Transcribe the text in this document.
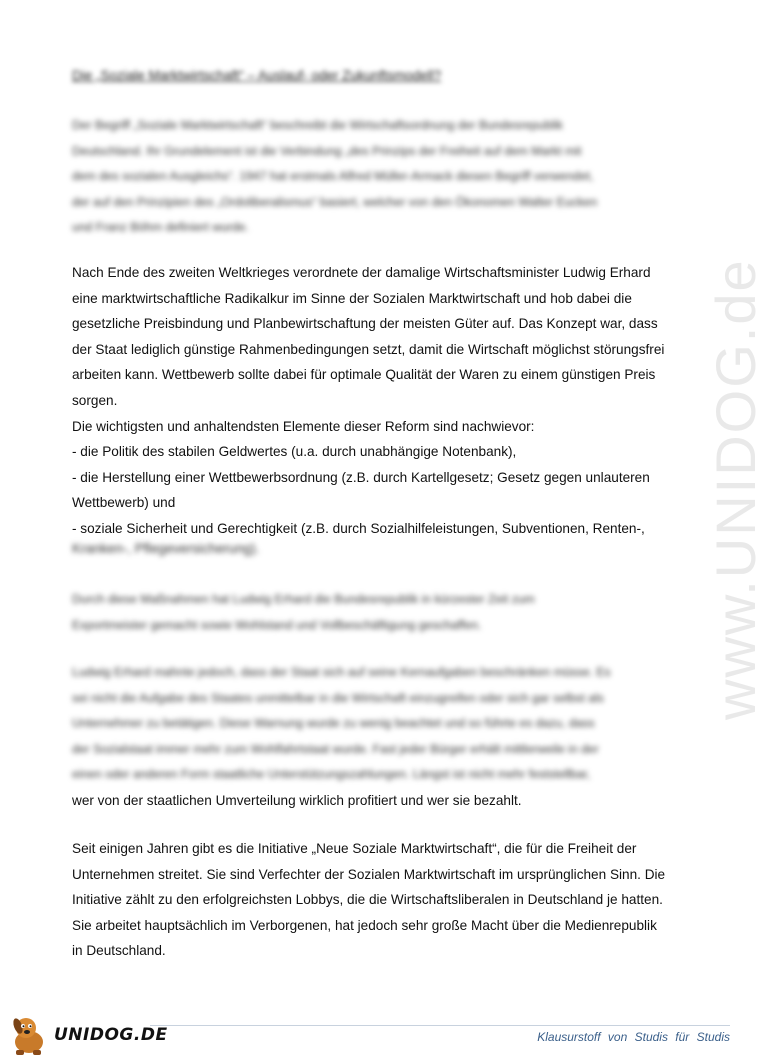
www.UNIDOG.de
Die „Soziale Marktwirtschaft“ – Auslauf- oder Zukunftsmodell?
Der Begriff „Soziale Marktwirtschaft“ beschreibt die Wirtschaftsordnung der Bundesrepublik
Deutschland. Ihr Grundelement ist die Verbindung „des Prinzips der Freiheit auf dem Markt mit
dem des sozialen Ausgleichs“. 1947 hat erstmals Alfred Müller-Armack diesen Begriff verwendet,
der auf den Prinzipien des „Ordoliberalismus“ basiert, welcher von den Ökonomen Walter Eucken
und Franz Böhm definiert wurde.
Nach Ende des zweiten Weltkrieges verordnete der damalige Wirtschaftsminister Ludwig Erhard
eine marktwirtschaftliche Radikalkur im Sinne der Sozialen Marktwirtschaft und hob dabei die
gesetzliche Preisbindung und Planbewirtschaftung der meisten Güter auf. Das Konzept war, dass
der Staat lediglich günstige Rahmenbedingungen setzt, damit die Wirtschaft möglichst störungsfrei
arbeiten kann. Wettbewerb sollte dabei für optimale Qualität der Waren zu einem günstigen Preis
sorgen.
Die wichtigsten und anhaltendsten Elemente dieser Reform sind nachwievor:
- die Politik des stabilen Geldwertes (u.a. durch unabhängige Notenbank),
- die Herstellung einer Wettbewerbsordnung (z.B. durch Kartellgesetz; Gesetz gegen unlauteren
Wettbewerb) und
- soziale Sicherheit und Gerechtigkeit (z.B. durch Sozialhilfeleistungen, Subventionen, Renten-,
Kranken-, Pflegeversicherung).
Durch diese Maßnahmen hat Ludwig Erhard die Bundesrepublik in kürzester Zeit zum
Exportmeister gemacht sowie Wohlstand und Vollbeschäftigung geschaffen.
Ludwig Erhard mahnte jedoch, dass der Staat sich auf seine Kernaufgaben beschränken müsse. Es
sei nicht die Aufgabe des Staates unmittelbar in die Wirtschaft einzugreifen oder sich gar selbst als
Unternehmer zu betätigen. Diese Warnung wurde zu wenig beachtet und so führte es dazu, dass
der Sozialstaat immer mehr zum Wohlfahrtstaat wurde. Fast jeder Bürger erhält mittlerweile in der
einen oder anderen Form staatliche Unterstützungszahlungen. Längst ist nicht mehr feststellbar,
wer von der staatlichen Umverteilung wirklich profitiert und wer sie bezahlt.
Seit einigen Jahren gibt es die Initiative „Neue Soziale Marktwirtschaft“, die für die Freiheit der
Unternehmen streitet. Sie sind Verfechter der Sozialen Marktwirtschaft im ursprünglichen Sinn. Die
Initiative zählt zu den erfolgreichsten Lobbys, die die Wirtschaftsliberalen in Deutschland je hatten.
Sie arbeitet hauptsächlich im Verborgenen, hat jedoch sehr große Macht über die Medienrepublik
in Deutschland.
UNIDOG.DE	Klausurstoff von Studis für Studis
